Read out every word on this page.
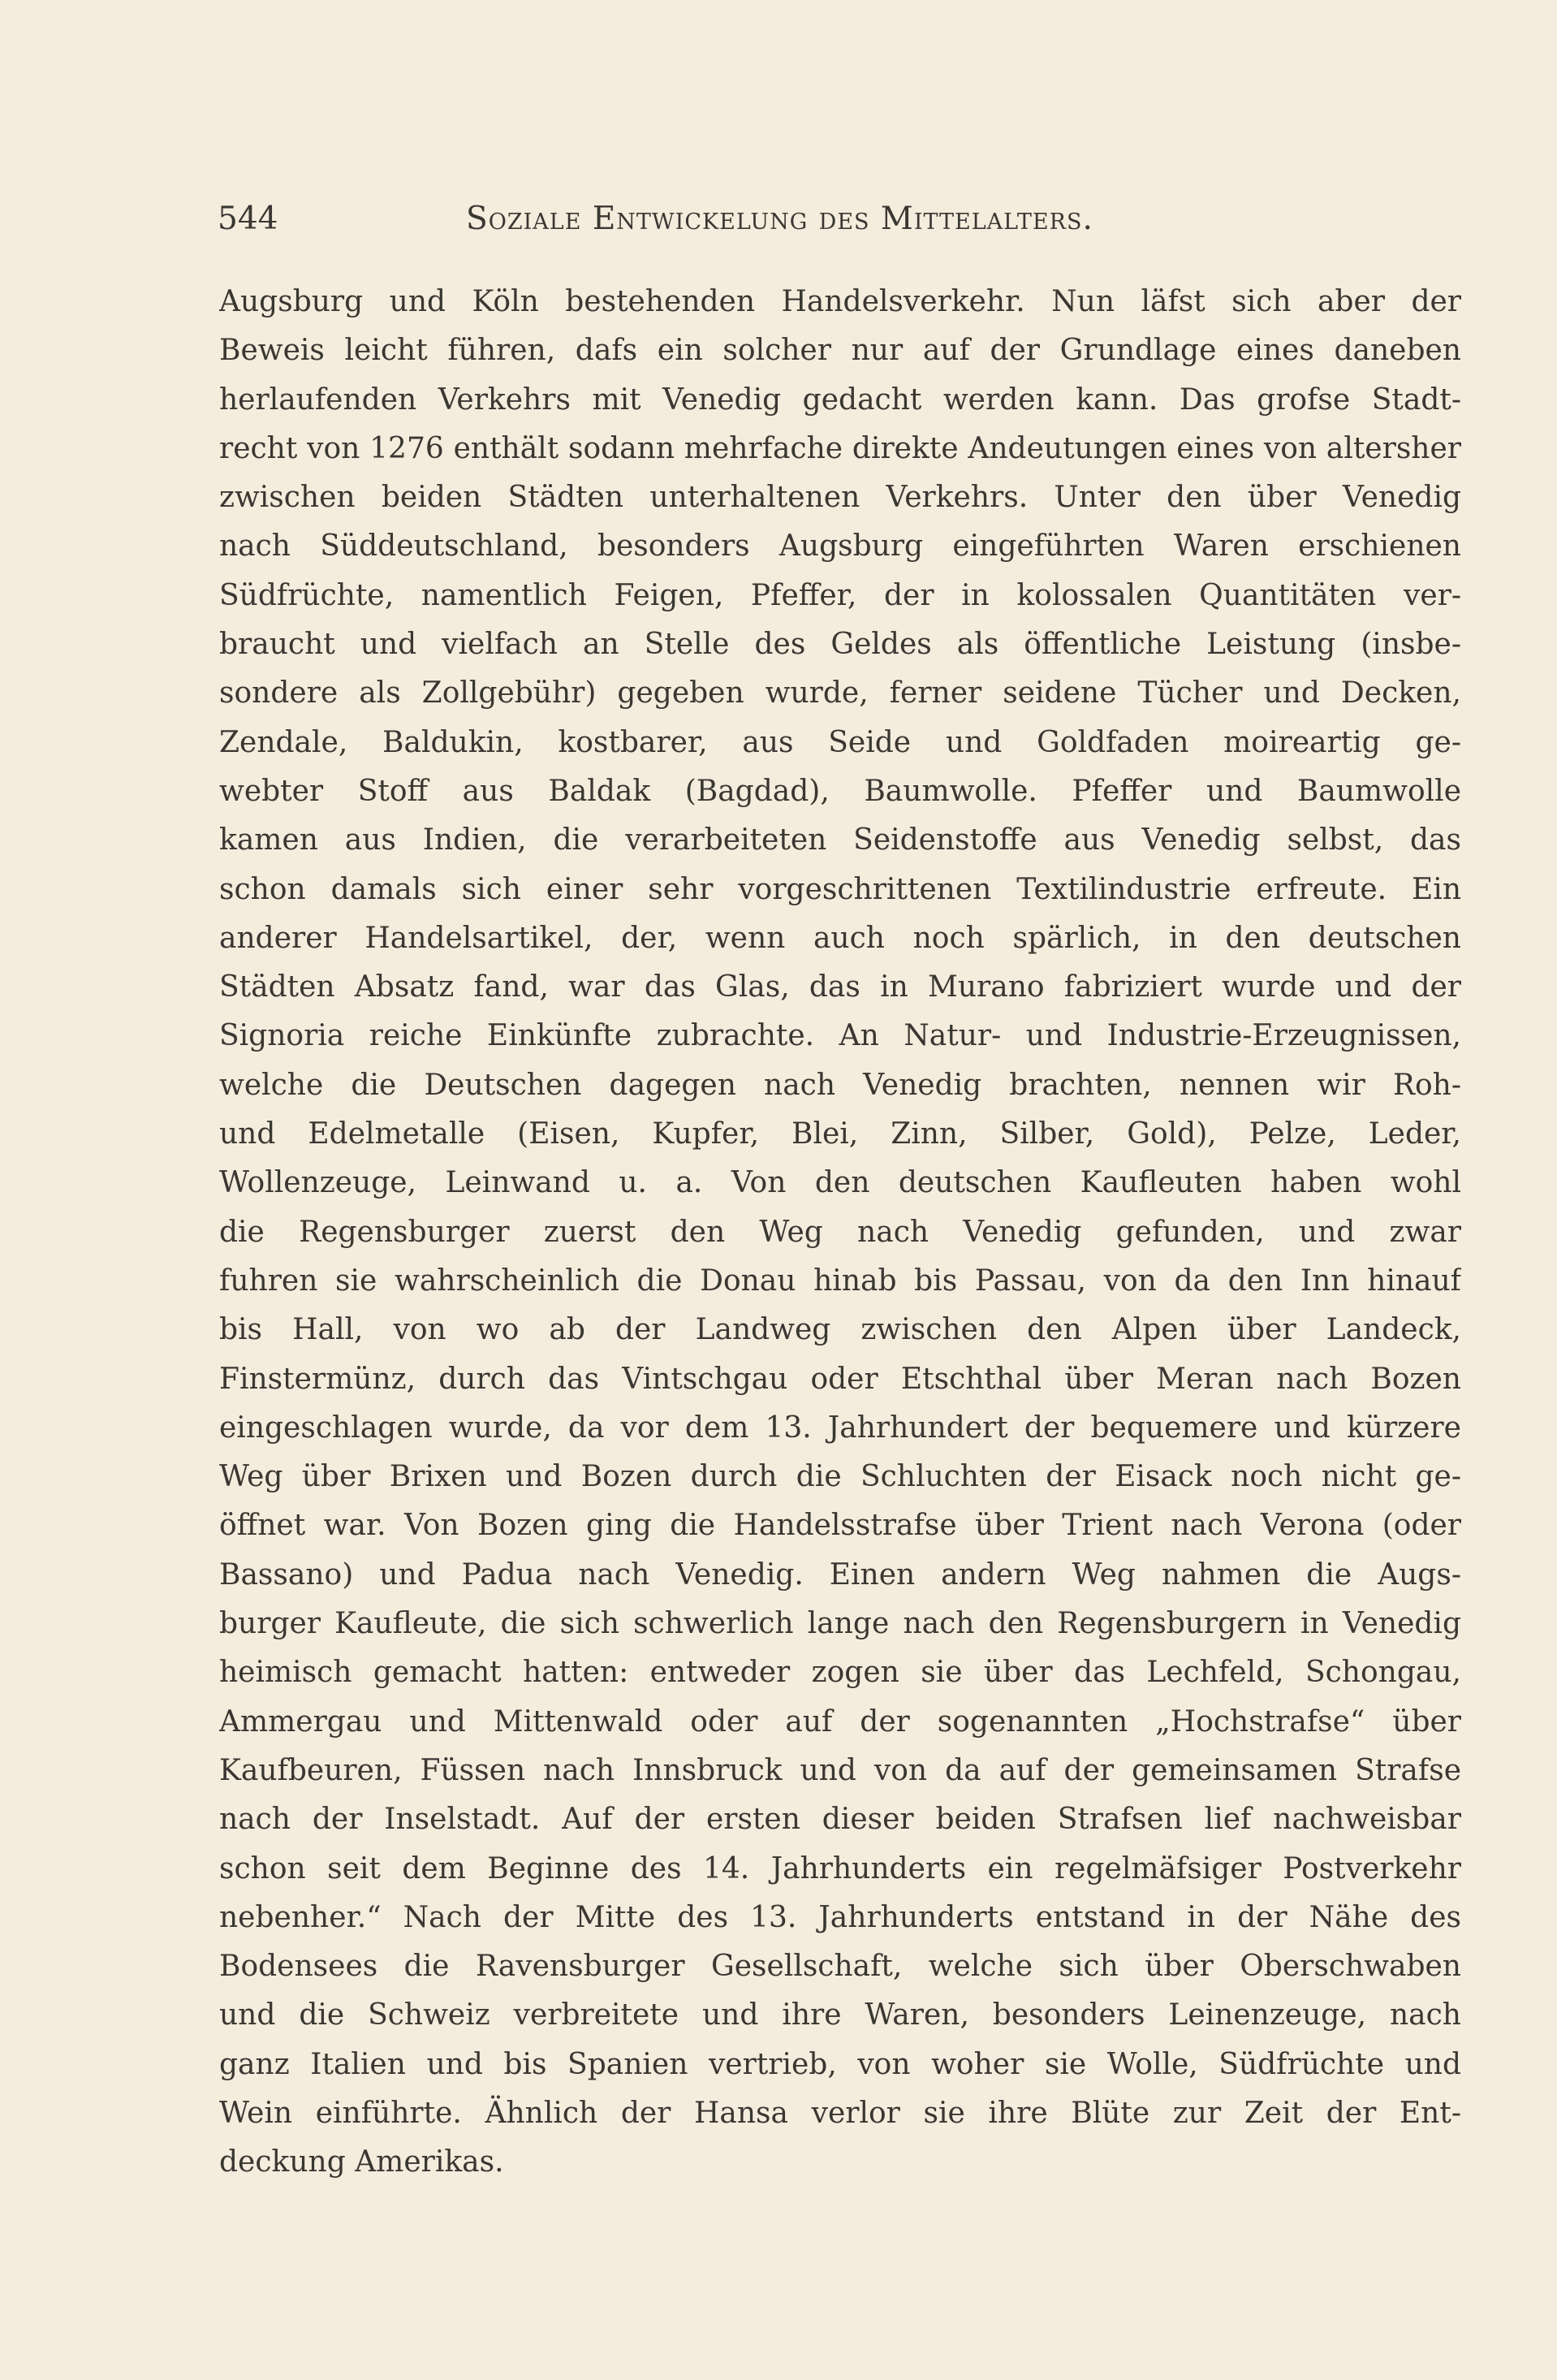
544	Soziale Entwickelung des Mittelalters.
Augsburg und Köln bestehenden Handelsverkehr. Nun läfst sich aber der
Beweis leicht führen, dafs ein solcher nur auf der Grundlage eines daneben
herlaufenden Verkehrs mit Venedig gedacht werden kann. Das grofse Stadt-
recht von 1276 enthält sodann mehrfache direkte Andeutungen eines von altersher
zwischen beiden Städten unterhaltenen Verkehrs. Unter den über Venedig
nach Süddeutschland, besonders Augsburg eingeführten Waren erschienen
Südfrüchte, namentlich Feigen, Pfeffer, der in kolossalen Quantitäten ver-
braucht und vielfach an Stelle des Geldes als öffentliche Leistung (insbe-
sondere als Zollgebühr) gegeben wurde, ferner seidene Tücher und Decken,
Zendale, Baldukin, kostbarer, aus Seide und Goldfaden moireartig ge-
webter Stoff aus Baldak (Bagdad), Baumwolle. Pfeffer und Baumwolle
kamen aus Indien, die verarbeiteten Seidenstoffe aus Venedig selbst, das
schon damals sich einer sehr vorgeschrittenen Textilindustrie erfreute. Ein
anderer Handelsartikel, der, wenn auch noch spärlich, in den deutschen
Städten Absatz fand, war das Glas, das in Murano fabriziert wurde und der
Signoria reiche Einkünfte zubrachte. An Natur- und Industrie-Erzeugnissen,
welche die Deutschen dagegen nach Venedig brachten, nennen wir Roh-
und Edelmetalle (Eisen, Kupfer, Blei, Zinn, Silber, Gold), Pelze, Leder,
Wollenzeuge, Leinwand u. a. Von den deutschen Kaufleuten haben wohl
die Regensburger zuerst den Weg nach Venedig gefunden, und zwar
fuhren sie wahrscheinlich die Donau hinab bis Passau, von da den Inn hinauf
bis Hall, von wo ab der Landweg zwischen den Alpen über Landeck,
Finstermünz, durch das Vintschgau oder Etschthal über Meran nach Bozen
eingeschlagen wurde, da vor dem 13. Jahrhundert der bequemere und kürzere
Weg über Brixen und Bozen durch die Schluchten der Eisack noch nicht ge-
öffnet war. Von Bozen ging die Handelsstrafse über Trient nach Verona (oder
Bassano) und Padua nach Venedig. Einen andern Weg nahmen die Augs-
burger Kaufleute, die sich schwerlich lange nach den Regensburgern in Venedig
heimisch gemacht hatten: entweder zogen sie über das Lechfeld, Schongau,
Ammergau und Mittenwald oder auf der sogenannten „Hochstrafse“ über
Kaufbeuren, Füssen nach Innsbruck und von da auf der gemeinsamen Strafse
nach der Inselstadt. Auf der ersten dieser beiden Strafsen lief nachweisbar
schon seit dem Beginne des 14. Jahrhunderts ein regelmäfsiger Postverkehr
nebenher.“ Nach der Mitte des 13. Jahrhunderts entstand in der Nähe des
Bodensees die Ravensburger Gesellschaft, welche sich über Oberschwaben
und die Schweiz verbreitete und ihre Waren, besonders Leinenzeuge, nach
ganz Italien und bis Spanien vertrieb, von woher sie Wolle, Südfrüchte und
Wein einführte. Ähnlich der Hansa verlor sie ihre Blüte zur Zeit der Ent-
deckung Amerikas.
